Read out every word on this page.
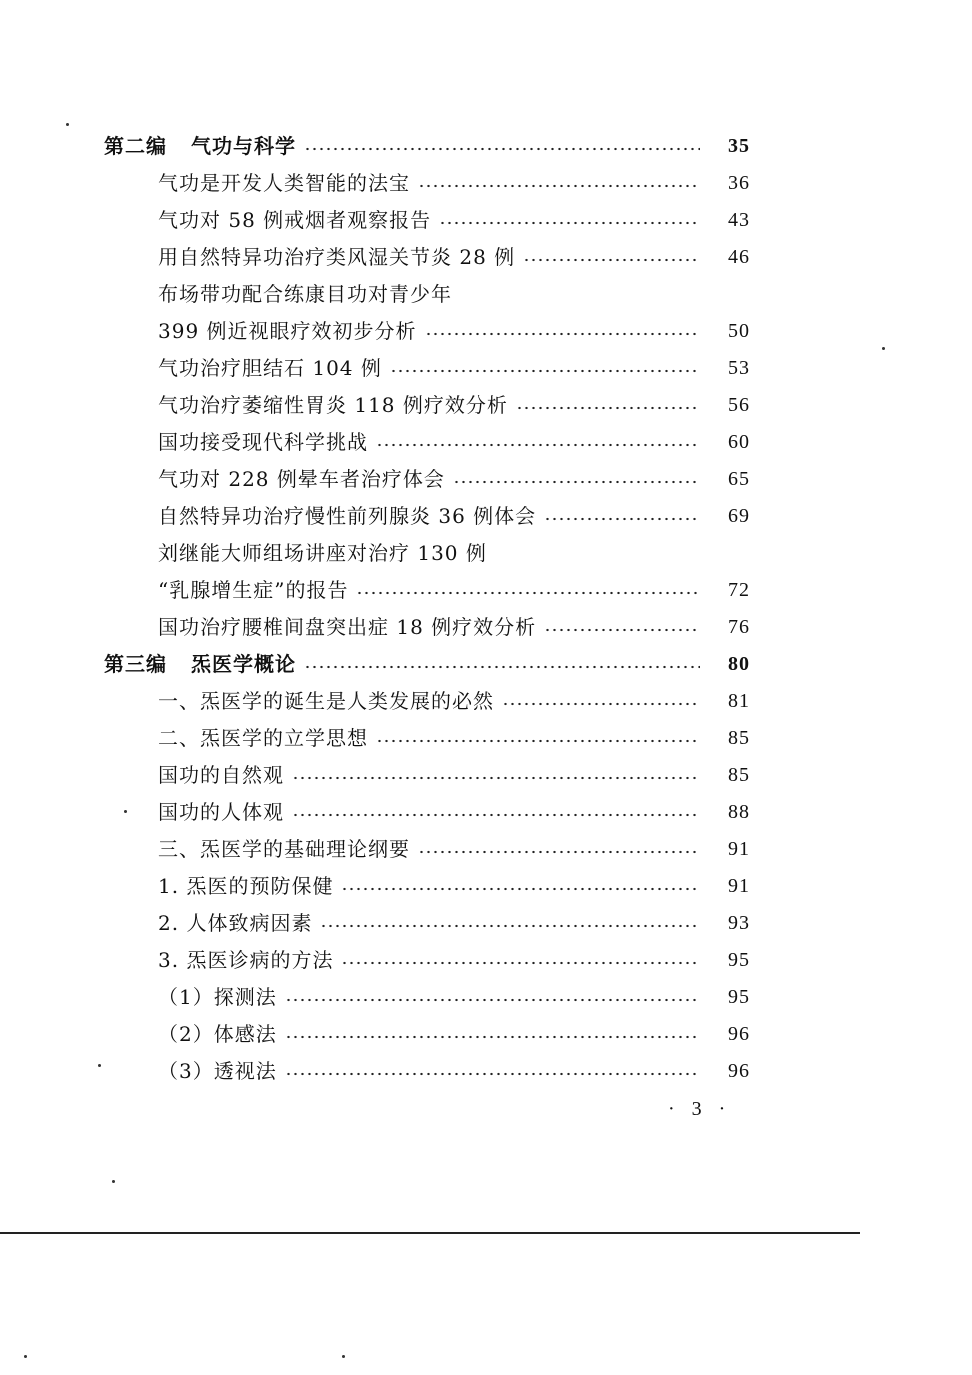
第二编 气功与科学	35
气功是开发人类智能的法宝	36
气功对 58 例戒烟者观察报告	43
用自然特异功治疗类风湿关节炎 28 例	46
布场带功配合练康目功对青少年
399 例近视眼疗效初步分析	50
气功治疗胆结石 104 例	53
气功治疗萎缩性胃炎 118 例疗效分析	56
国功接受现代科学挑战	60
气功对 228 例晕车者治疗体会	65
自然特异功治疗慢性前列腺炎 36 例体会	69
刘继能大师组场讲座对治疗 130 例
“乳腺增生症”的报告	72
国功治疗腰椎间盘突出症 18 例疗效分析	76
第三编 炁医学概论	80
一、炁医学的诞生是人类发展的必然	81
二、炁医学的立学思想	85
国功的自然观	85
国功的人体观	88
三、炁医学的基础理论纲要	91
1. 炁医的预防保健	91
2. 人体致病因素	93
3. 炁医诊病的方法	95
（1）探测法	95
（2）体感法	96
（3）透视法	96
· 3 ·
